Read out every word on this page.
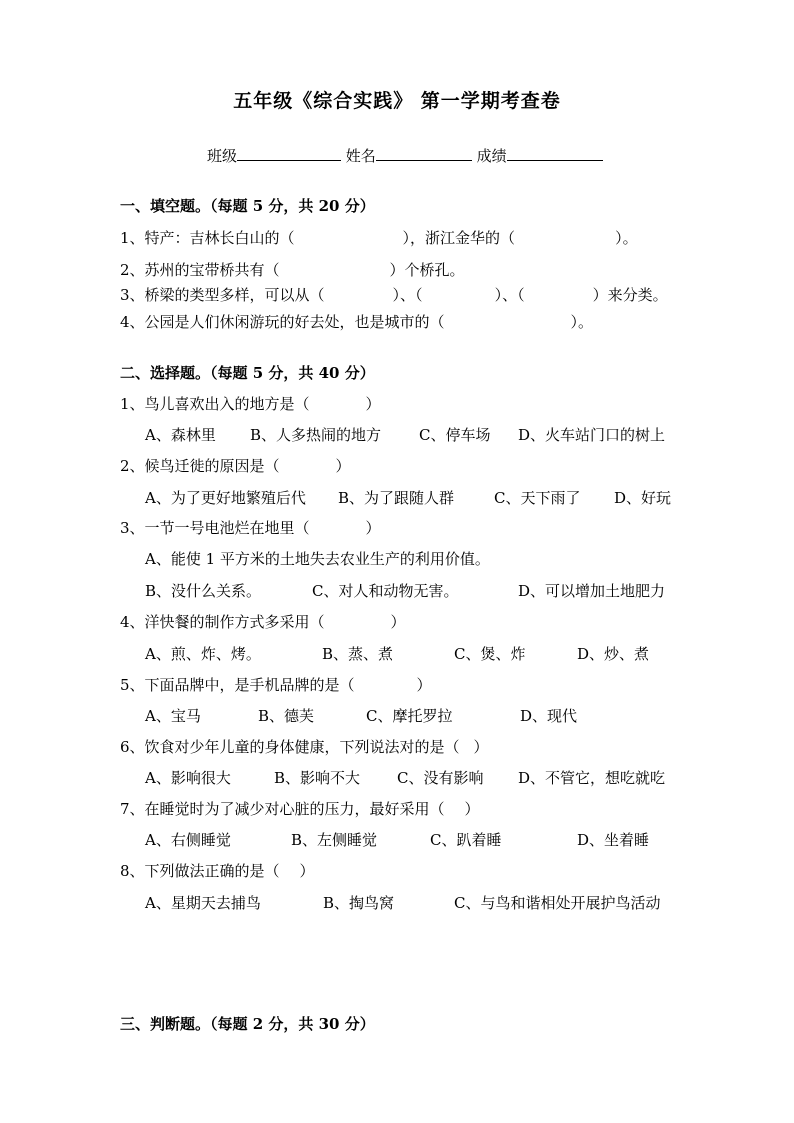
五年级《综合实践》 第一学期考查卷
班级	姓名	成绩
一、填空题。（每题 5 分，共 20 分）
1、特产：吉林长白山的（	），浙江金华的（	）。
2、苏州的宝带桥共有（	）个桥孔。
3、桥梁的类型多样，可以从（	）、（	）、（	）来分类。
4、公园是人们休闲游玩的好去处，也是城市的（	）。
二、选择题。（每题 5 分，共 40 分）
1、鸟儿喜欢出入的地方是（	）
A、森林里 B、人多热闹的地方	C、停车场 D、火车站门口的树上
2、候鸟迁徙的原因是（	）
A、为了更好地繁殖后代 B、为了跟随人群	C、天下雨了 D、好玩
3、一节一号电池烂在地里（	）
A、能使 1 平方米的土地失去农业生产的利用价值。
B、没什么关系。	C、对人和动物无害。	D、可以增加土地肥力
4、洋快餐的制作方式多采用（	）
A、煎、炸、烤。	B、蒸、煮	C、煲、炸	D、炒、煮
5、下面品牌中，是手机品牌的是（	）
A、宝马	B、德芙	C、摩托罗拉	D、现代
6、饮食对少年儿童的身体健康，下列说法对的是（ ）
A、影响很大	B、影响不大 C、没有影响 D、不管它，想吃就吃
7、在睡觉时为了减少对心脏的压力，最好采用（ ）
A、右侧睡觉	B、左侧睡觉	C、趴着睡	D、坐着睡
8、下列做法正确的是（ ）
A、星期天去捕鸟	B、掏鸟窝	C、与鸟和谐相处开展护鸟活动
三、判断题。（每题 2 分，共 30 分）
